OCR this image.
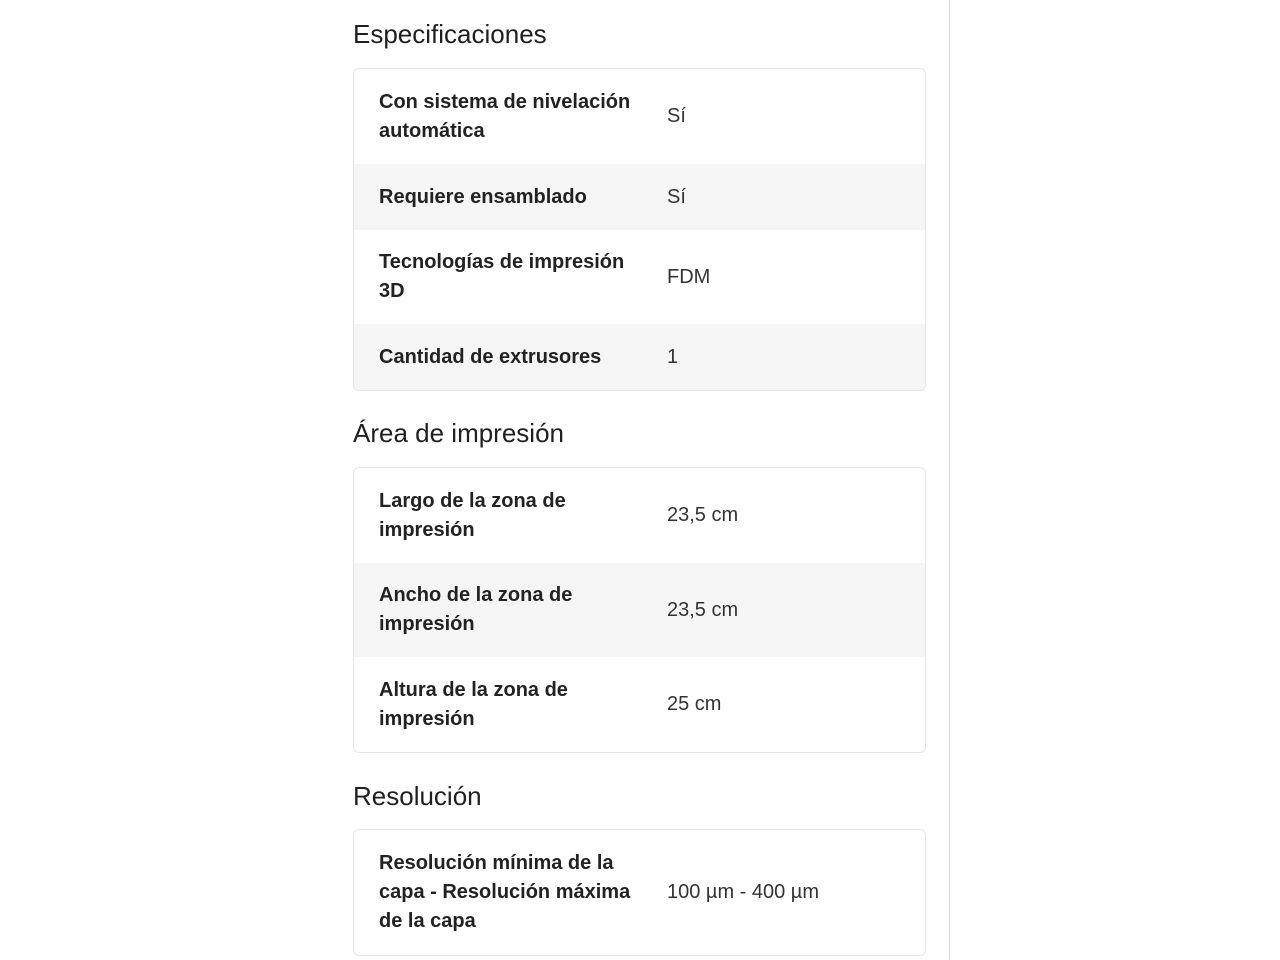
Especificaciones
Con sistema de nivelación automática
Sí
Requiere ensamblado	Sí
Tecnologías de impresión 3D
FDM
Cantidad de extrusores	1
Área de impresión
Largo de la zona de impresión
23,5 cm
Ancho de la zona de impresión
23,5 cm
Altura de la zona de impresión
25 cm
Resolución
Resolución mínima de la capa - Resolución máxima de la capa
100 µm - 400 µm
